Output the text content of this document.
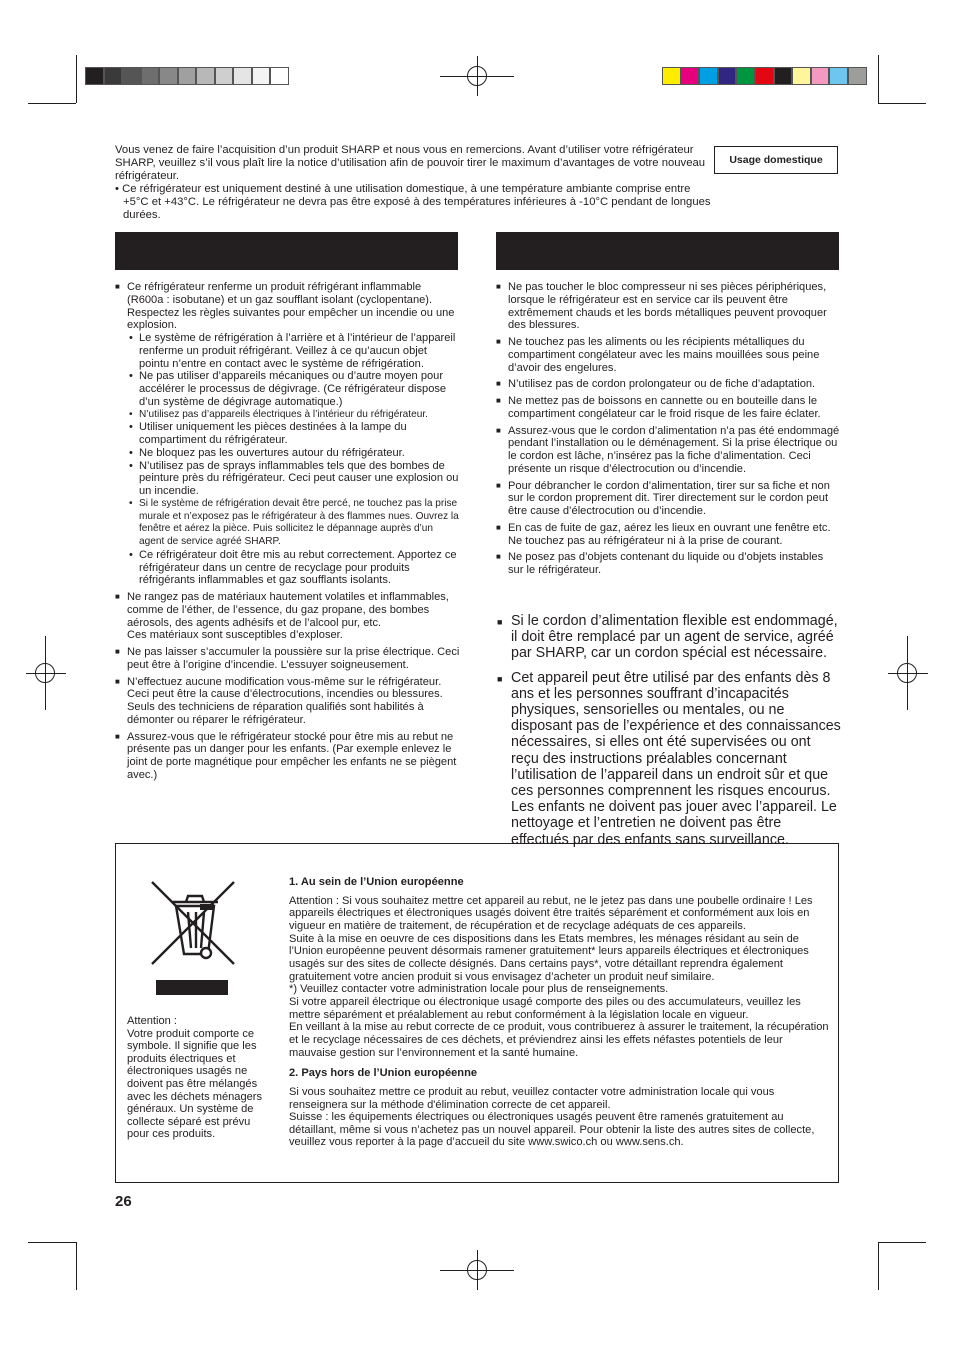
Vous venez de faire l’acquisition d’un produit SHARP et nous vous en remercions. Avant d’utiliser votre réfrigérateur SHARP, veuillez s’il vous plaît lire la notice d’utilisation afin de pouvoir tirer le maximum d’avantages de votre nouveau réfrigérateur.

• Ce réfrigérateur est uniquement destiné à une utilisation domestique, à une température ambiante comprise entre +5°C et +43°C. Le réfrigérateur ne devra pas être exposé à des températures inférieures à -10°C pendant de longues durées.

Usage domestique
■ Ce réfrigérateur renferme un produit réfrigérant inflammable (R600a : isobutane) et un gaz soufflant isolant (cyclopentane). Respectez les règles suivantes pour empêcher un incendie ou une explosion.
• Le système de réfrigération à l’arrière et à l’intérieur de l’appareil renferme un produit réfrigérant. Veillez à ce qu’aucun objet pointu n’entre en contact avec le système de réfrigération.
• Ne pas utiliser d’appareils mécaniques ou d’autre moyen pour accélérer le processus de dégivrage. (Ce réfrigérateur dispose d’un système de dégivrage automatique.)
• N’utilisez pas d’appareils électriques à l’intérieur du réfrigérateur.
• Utiliser uniquement les pièces destinées à la lampe du compartiment du réfrigérateur.
• Ne bloquez pas les ouvertures autour du réfrigérateur.
• N’utilisez pas de sprays inflammables tels que des bombes de peinture près du réfrigérateur. Ceci peut causer une explosion ou un incendie.
• Si le système de réfrigération devait être percé, ne touchez pas la prise murale et n’exposez pas le réfrigérateur à des flammes nues. Ouvrez la fenêtre et aérez la pièce. Puis sollicitez le dépannage auprès d’un agent de service agréé SHARP.
• Ce réfrigérateur doit être mis au rebut correctement. Apportez ce réfrigérateur dans un centre de recyclage pour produits réfrigérants inflammables et gaz soufflants isolants.
■ Ne rangez pas de matériaux hautement volatiles et inflammables, comme de l’éther, de l’essence, du gaz propane, des bombes aérosols, des agents adhésifs et de l’alcool pur, etc.
Ces matériaux sont susceptibles d’exploser.
■ Ne pas laisser s’accumuler la poussière sur la prise électrique. Ceci peut être à l’origine d’incendie. L’essuyer soigneusement.
■ N’effectuez aucune modification vous-même sur le réfrigérateur. Ceci peut être la cause d’électrocutions, incendies ou blessures. Seuls des techniciens de réparation qualifiés sont habilités à démonter ou réparer le réfrigérateur.
■ Assurez-vous que le réfrigérateur stocké pour être mis au rebut ne présente pas un danger pour les enfants. (Par exemple enlevez le joint de porte magnétique pour empêcher les enfants ne se piègent avec.)
■ Ne pas toucher le bloc compresseur ni ses pièces périphériques, lorsque le réfrigérateur est en service car ils peuvent être extrêmement chauds et les bords métalliques peuvent provoquer des blessures.
■ Ne touchez pas les aliments ou les récipients métalliques du compartiment congélateur avec les mains mouillées sous peine d’avoir des engelures.
■ N’utilisez pas de cordon prolongateur ou de fiche d’adaptation.
■ Ne mettez pas de boissons en cannette ou en bouteille dans le compartiment congélateur car le froid risque de les faire éclater.
■ Assurez-vous que le cordon d’alimentation n’a pas été endommagé pendant l’installation ou le déménagement. Si la prise électrique ou le cordon est lâche, n’insérez pas la fiche d’alimentation. Ceci présente un risque d’électrocution ou d’incendie.
■ Pour débrancher le cordon d’alimentation, tirer sur sa fiche et non sur le cordon proprement dit. Tirer directement sur le cordon peut être cause d’électrocution ou d’incendie.
■ En cas de fuite de gaz, aérez les lieux en ouvrant une fenêtre etc. Ne touchez pas au réfrigérateur ni à la prise de courant.
■ Ne posez pas d’objets contenant du liquide ou d’objets instables sur le réfrigérateur.
■ Si le cordon d’alimentation flexible est endommagé, il doit être remplacé par un agent de service, agréé par SHARP, car un cordon spécial est nécessaire.
■ Cet appareil peut être utilisé par des enfants dès 8 ans et les personnes souffrant d’incapacités physiques, sensorielles ou mentales, ou ne disposant pas de l’expérience et des connaissances nécessaires, si elles ont été supervisées ou ont reçu des instructions préalables concernant l’utilisation de l’appareil dans un endroit sûr et que ces personnes comprennent les risques encourus. Les enfants ne doivent pas jouer avec l’appareil. Le nettoyage et l’entretien ne doivent pas être effectués par des enfants sans surveillance.
Attention :
Votre produit comporte ce symbole. Il signifie que les produits électriques et électroniques usagés ne doivent pas être mélangés avec les déchets ménagers généraux. Un système de collecte séparé est prévu pour ces produits.
1. Au sein de l’Union européenne

Attention : Si vous souhaitez mettre cet appareil au rebut, ne le jetez pas dans une poubelle ordinaire ! Les appareils électriques et électroniques usagés doivent être traités séparément et conformément aux lois en vigueur en matière de traitement, de récupération et de recyclage adéquats de ces appareils.

Suite à la mise en oeuvre de ces dispositions dans les Etats membres, les ménages résidant au sein de l’Union européenne peuvent désormais ramener gratuitement* leurs appareils électriques et électroniques usagés sur des sites de collecte désignés. Dans certains pays*, votre détaillant reprendra également gratuitement votre ancien produit si vous envisagez d’acheter un produit neuf similaire.

*) Veuillez contacter votre administration locale pour plus de renseignements.

Si votre appareil électrique ou électronique usagé comporte des piles ou des accumulateurs, veuillez les mettre séparément et préalablement au rebut conformément à la législation locale en vigueur.

En veillant à la mise au rebut correcte de ce produit, vous contribuerez à assurer le traitement, la récupération et le recyclage nécessaires de ces déchets, et préviendrez ainsi les effets néfastes potentiels de leur mauvaise gestion sur l’environnement et la santé humaine.

2. Pays hors de l’Union européenne

Si vous souhaitez mettre ce produit au rebut, veuillez contacter votre administration locale qui vous renseignera sur la méthode d'élimination correcte de cet appareil.

Suisse : les équipements électriques ou électroniques usagés peuvent être ramenés gratuitement au détaillant, même si vous n’achetez pas un nouvel appareil. Pour obtenir la liste des autres sites de collecte, veuillez vous reporter à la page d’accueil du site www.swico.ch ou www.sens.ch.

26
